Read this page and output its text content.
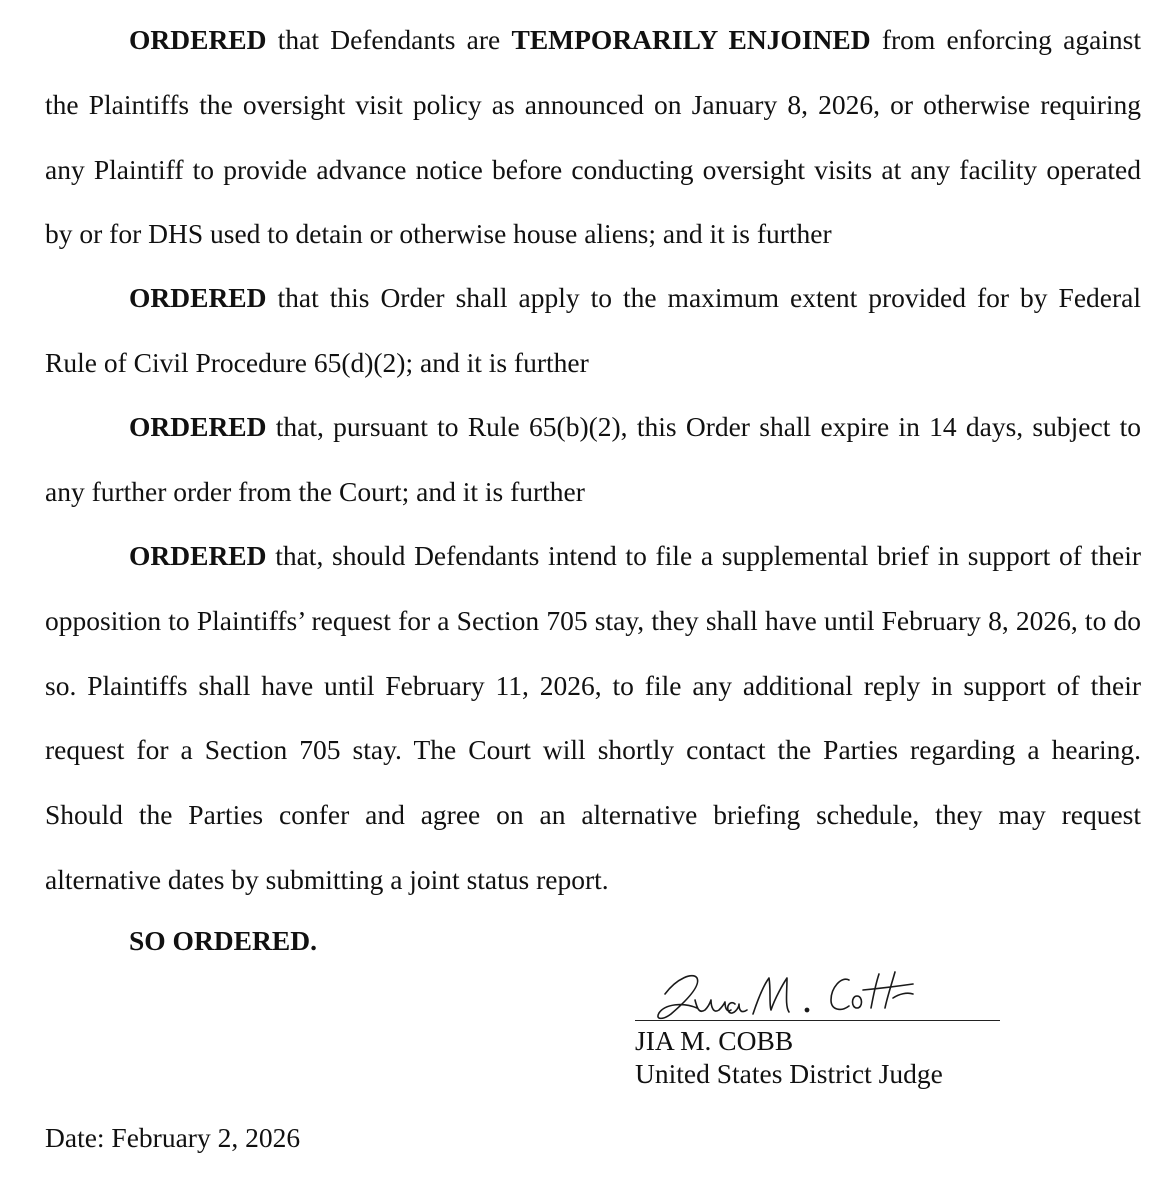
ORDERED that Defendants are TEMPORARILY ENJOINED from enforcing against the Plaintiffs the oversight visit policy as announced on January 8, 2026, or otherwise requiring any Plaintiff to provide advance notice before conducting oversight visits at any facility operated by or for DHS used to detain or otherwise house aliens; and it is further

ORDERED that this Order shall apply to the maximum extent provided for by Federal Rule of Civil Procedure 65(d)(2); and it is further

ORDERED that, pursuant to Rule 65(b)(2), this Order shall expire in 14 days, subject to any further order from the Court; and it is further

ORDERED that, should Defendants intend to file a supplemental brief in support of their opposition to Plaintiffs’ request for a Section 705 stay, they shall have until February 8, 2026, to do so. Plaintiffs shall have until February 11, 2026, to file any additional reply in support of their request for a Section 705 stay. The Court will shortly contact the Parties regarding a hearing. Should the Parties confer and agree on an alternative briefing schedule, they may request alternative dates by submitting a joint status report.

SO ORDERED.

JIA M. COBB
United States District Judge
Date: February 2, 2026
